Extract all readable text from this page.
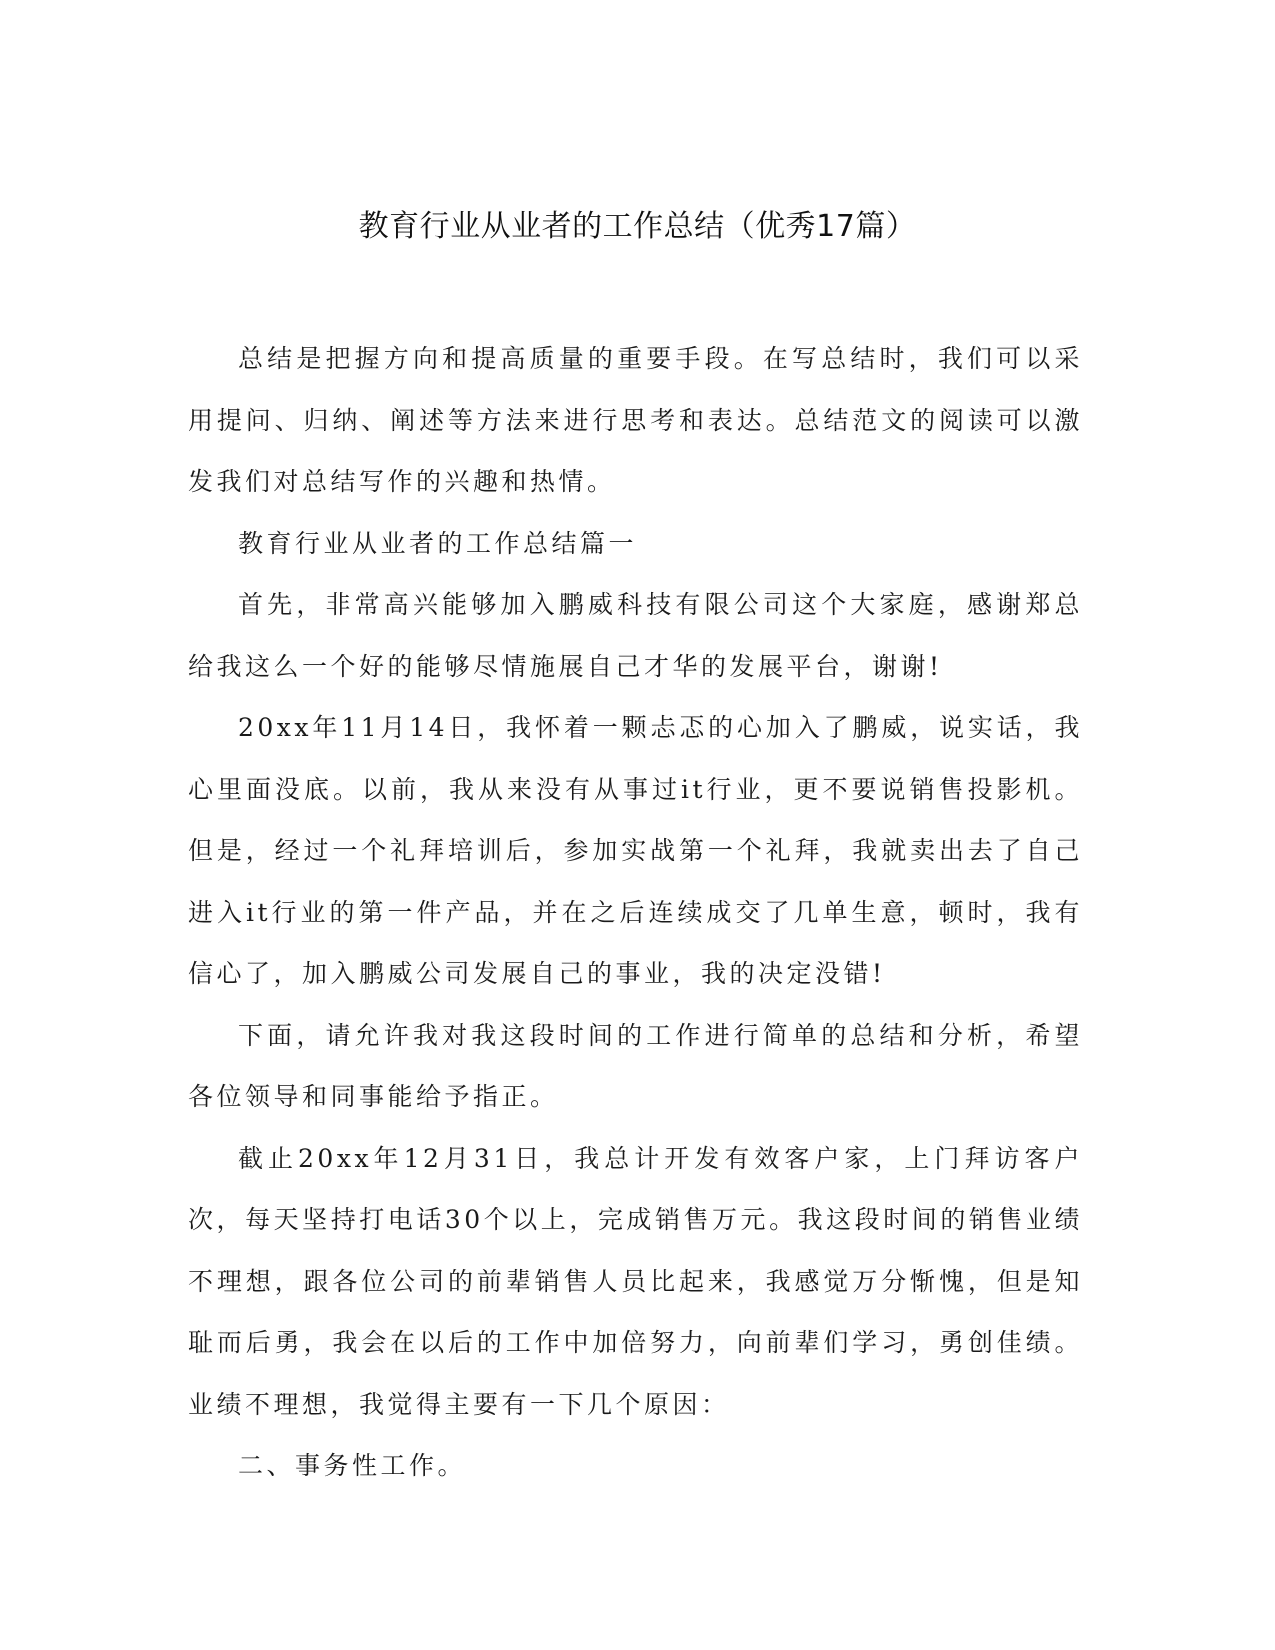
教育行业从业者的工作总结（优秀17篇）

总结是把握方向和提高质量的重要手段。在写总结时，我们可以采用提问、归纳、阐述等方法来进行思考和表达。总结范文的阅读可以激发我们对总结写作的兴趣和热情。

教育行业从业者的工作总结篇一

首先，非常高兴能够加入鹏威科技有限公司这个大家庭，感谢郑总给我这么一个好的能够尽情施展自己才华的发展平台，谢谢!

20xx年11月14日，我怀着一颗忐忑的心加入了鹏威，说实话，我心里面没底。以前，我从来没有从事过it行业，更不要说销售投影机。但是，经过一个礼拜培训后，参加实战第一个礼拜，我就卖出去了自己进入it行业的第一件产品，并在之后连续成交了几单生意，顿时，我有信心了，加入鹏威公司发展自己的事业，我的决定没错!

下面，请允许我对我这段时间的工作进行简单的总结和分析，希望各位领导和同事能给予指正。

截止20xx年12月31日，我总计开发有效客户家，上门拜访客户次，每天坚持打电话30个以上，完成销售万元。我这段时间的销售业绩不理想，跟各位公司的前辈销售人员比起来，我感觉万分惭愧，但是知耻而后勇，我会在以后的工作中加倍努力，向前辈们学习，勇创佳绩。业绩不理想，我觉得主要有一下几个原因：

二、事务性工作。
